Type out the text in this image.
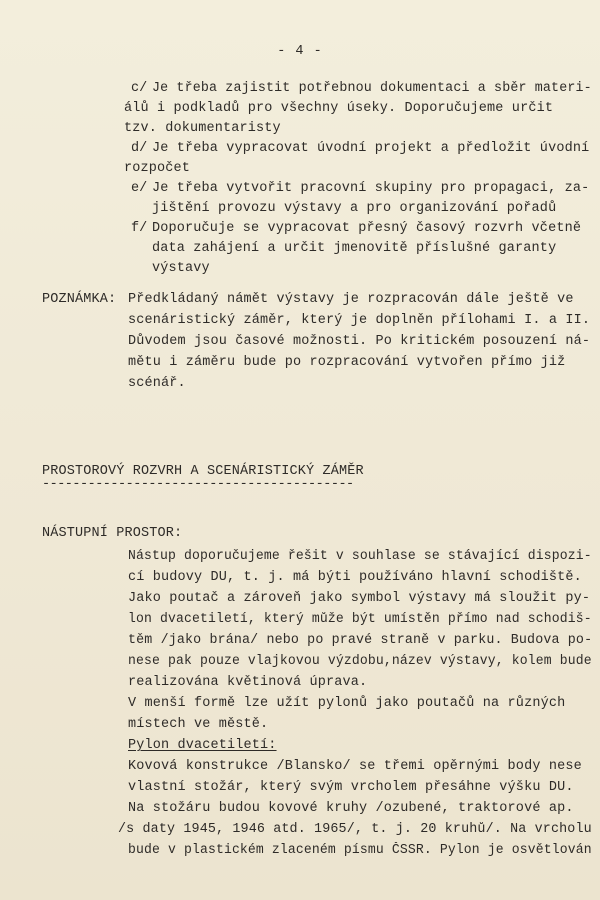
- 4 -
c/ Je třeba zajistit potřebnou dokumentaci a sběr materi-
álů i podkladů pro všechny úseky. Doporučujeme určit
tzv. dokumentaristy
d/ Je třeba vypracovat úvodní projekt a předložit úvodní
rozpočet
e/ Je třeba vytvořit pracovní skupiny pro propagaci, za-
jištění provozu výstavy a pro organizování pořadů
f/ Doporučuje se vypracovat přesný časový rozvrh včetně
data zahájení a určit jmenovitě příslušné garanty
výstavy
POZNÁMKA: Předkládaný námět výstavy je rozpracován dále ještě ve
scenáristický záměr, který je doplněn přílohami I. a II.
Důvodem jsou časové možnosti. Po kritickém posouzení ná-
mětu i záměru bude po rozpracování vytvořen přímo již
scénář.
PROSTOROVÝ ROZVRH A SCENÁRISTICKÝ ZÁMĚR
-----------------------------------------
NÁSTUPNÍ PROSTOR:
Nástup doporučujeme řešit v souhlase se stávající dispozi-
cí budovy DU, t. j. má býti používáno hlavní schodiště.
Jako poutač a zároveň jako symbol výstavy má sloužit py-
lon dvacetiletí, který může být umístěn přímo nad schodiš-
těm /jako brána/ nebo po pravé straně v parku. Budova po-
nese pak pouze vlajkovou výzdobu,název výstavy, kolem bude
realizována květinová úprava.
V menší formě lze užít pylonů jako poutačů na různých
místech ve městě.
Pylon dvacetiletí:
Kovová konstrukce /Blansko/ se třemi opěrnými body nese
vlastní stožár, který svým vrcholem přesáhne výšku DU.
Na stožáru budou kovové kruhy /ozubené, traktorové ap.
/s daty 1945, 1946 atd. 1965/, t. j. 20 kruhů/. Na vrcholu
bude v plastickém zlaceném písmu ČSSR. Pylon je osvětlován
